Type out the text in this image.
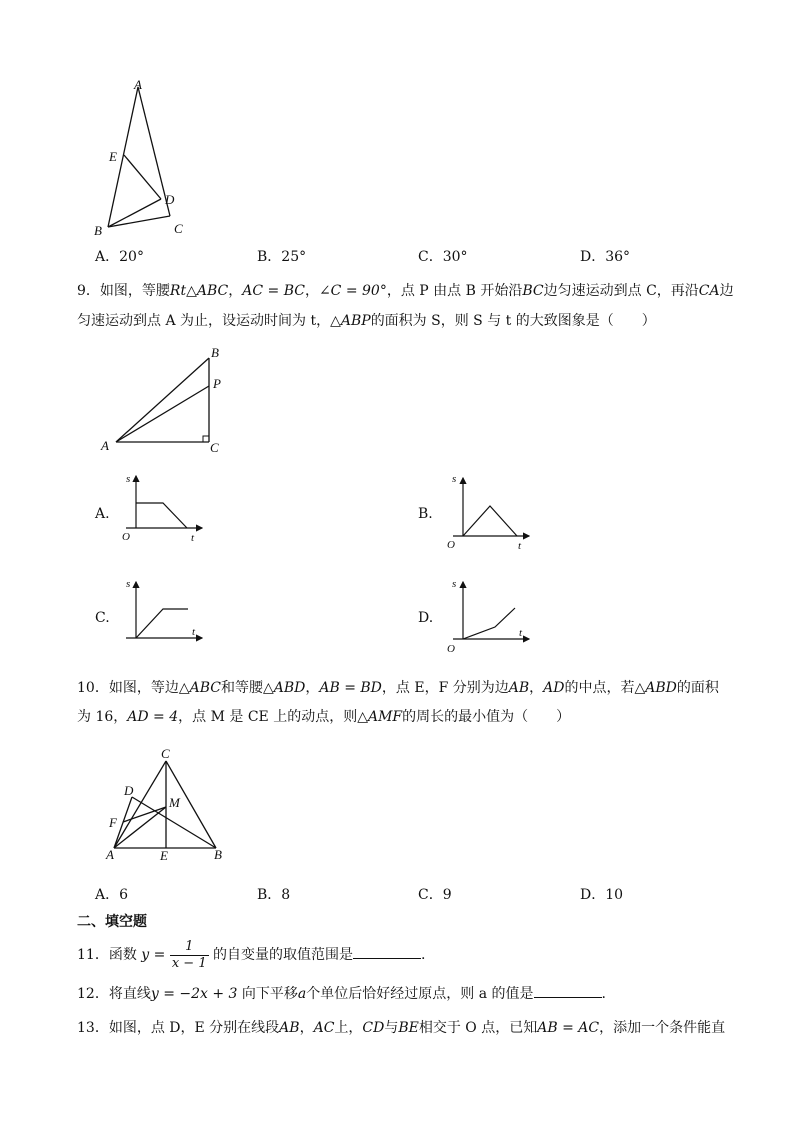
A
E
D
B	C
A．20°	B．25°	C．30°	D．36°
9．如图，等腰Rt△ABC，AC = BC，∠C = 90°，点 P 由点 B 开始沿BC边匀速运动到点 C，再沿CA边
匀速运动到点 A 为止，设运动时间为 t，△ABP的面积为 S，则 S 与 t 的大致图象是（　　）
B
P
A	C
A.	B.
C.	D.
s
O	t
s
O	t
s
t
s
O
t
10．如图，等边△ABC和等腰△ABD，AB = BD，点 E，F 分别为边AB，AD的中点，若△ABD的面积
为 16，AD = 4，点 M 是 CE 上的动点，则△AMF的周长的最小值为（　　）
C
D
M
F
A	E	B
A．6	B．8	C．9	D．10
二、填空题
11．函数 $y = \frac{1}{x - 1}$ 的自变量的取值范围是	.
12．将直线y = −2x + 3 向下平移a个单位后恰好经过原点，则 a 的值是	.
13．如图，点 D，E 分别在线段AB，AC上，CD与BE相交于 O 点，已知AB = AC，添加一个条件能直
